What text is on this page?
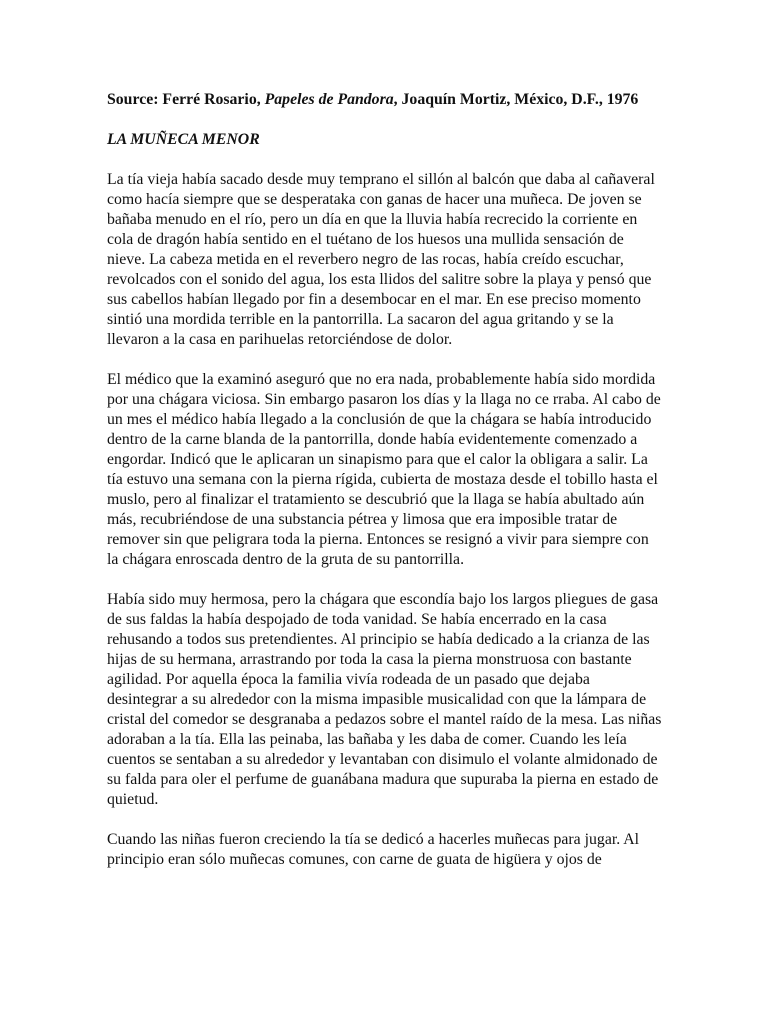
Source: Ferré Rosario, Papeles de Pandora, Joaquín Mortiz, México, D.F., 1976

LA MUÑECA MENOR

La tía vieja había sacado desde muy temprano el sillón al balcón que daba al cañaveral como hacía siempre que se desperataka con ganas de hacer una muñeca. De joven se bañaba menudo en el río, pero un día en que la lluvia había recrecido la corriente en cola de dragón había sentido en el tuétano de los huesos una mullida sensación de nieve. La cabeza metida en el reverbero negro de las rocas, había creído escuchar, revolcados con el sonido del agua, los esta llidos del salitre sobre la playa y pensó que sus cabellos habían llegado por fin a desembocar en el mar. En ese preciso momento sintió una mordida terrible en la pantorrilla. La sacaron del agua gritando y se la llevaron a la casa en parihuelas retorciéndose de dolor.

El médico que la examinó aseguró que no era nada, probablemente había sido mordida por una chágara viciosa. Sin embargo pasaron los días y la llaga no ce rraba. Al cabo de un mes el médico había llegado a la conclusión de que la chágara se había introducido dentro de la carne blanda de la pantorrilla, donde había evidentemente comenzado a engordar. Indicó que le aplicaran un sinapismo para que el calor la obligara a salir. La tía estuvo una semana con la pierna rígida, cubierta de mostaza desde el tobillo hasta el muslo, pero al finalizar el tratamiento se descubrió que la llaga se había abultado aún más, recubriéndose de una substancia pétrea y limosa que era imposible tratar de remover sin que peligrara toda la pierna. Entonces se resignó a vivir para siempre con la chágara enroscada dentro de la gruta de su pantorrilla.

Había sido muy hermosa, pero la chágara que escondía bajo los largos pliegues de gasa de sus faldas la había despojado de toda vanidad. Se había encerrado en la casa rehusando a todos sus pretendientes. Al principio se había dedicado a la crianza de las hijas de su hermana, arrastrando por toda la casa la pierna monstruosa con bastante agilidad. Por aquella época la familia vivía rodeada de un pasado que dejaba desintegrar a su alrededor con la misma impasible musicalidad con que la lámpara de cristal del comedor se desgranaba a pedazos sobre el mantel raído de la mesa. Las niñas adoraban a la tía. Ella las peinaba, las bañaba y les daba de comer. Cuando les leía cuentos se sentaban a su alrededor y levantaban con disimulo el volante almidonado de su falda para oler el perfume de guanábana madura que supuraba la pierna en estado de quietud.

Cuando las niñas fueron creciendo la tía se dedicó a hacerles muñecas para jugar. Al principio eran sólo muñecas comunes, con carne de guata de higüera y ojos de
